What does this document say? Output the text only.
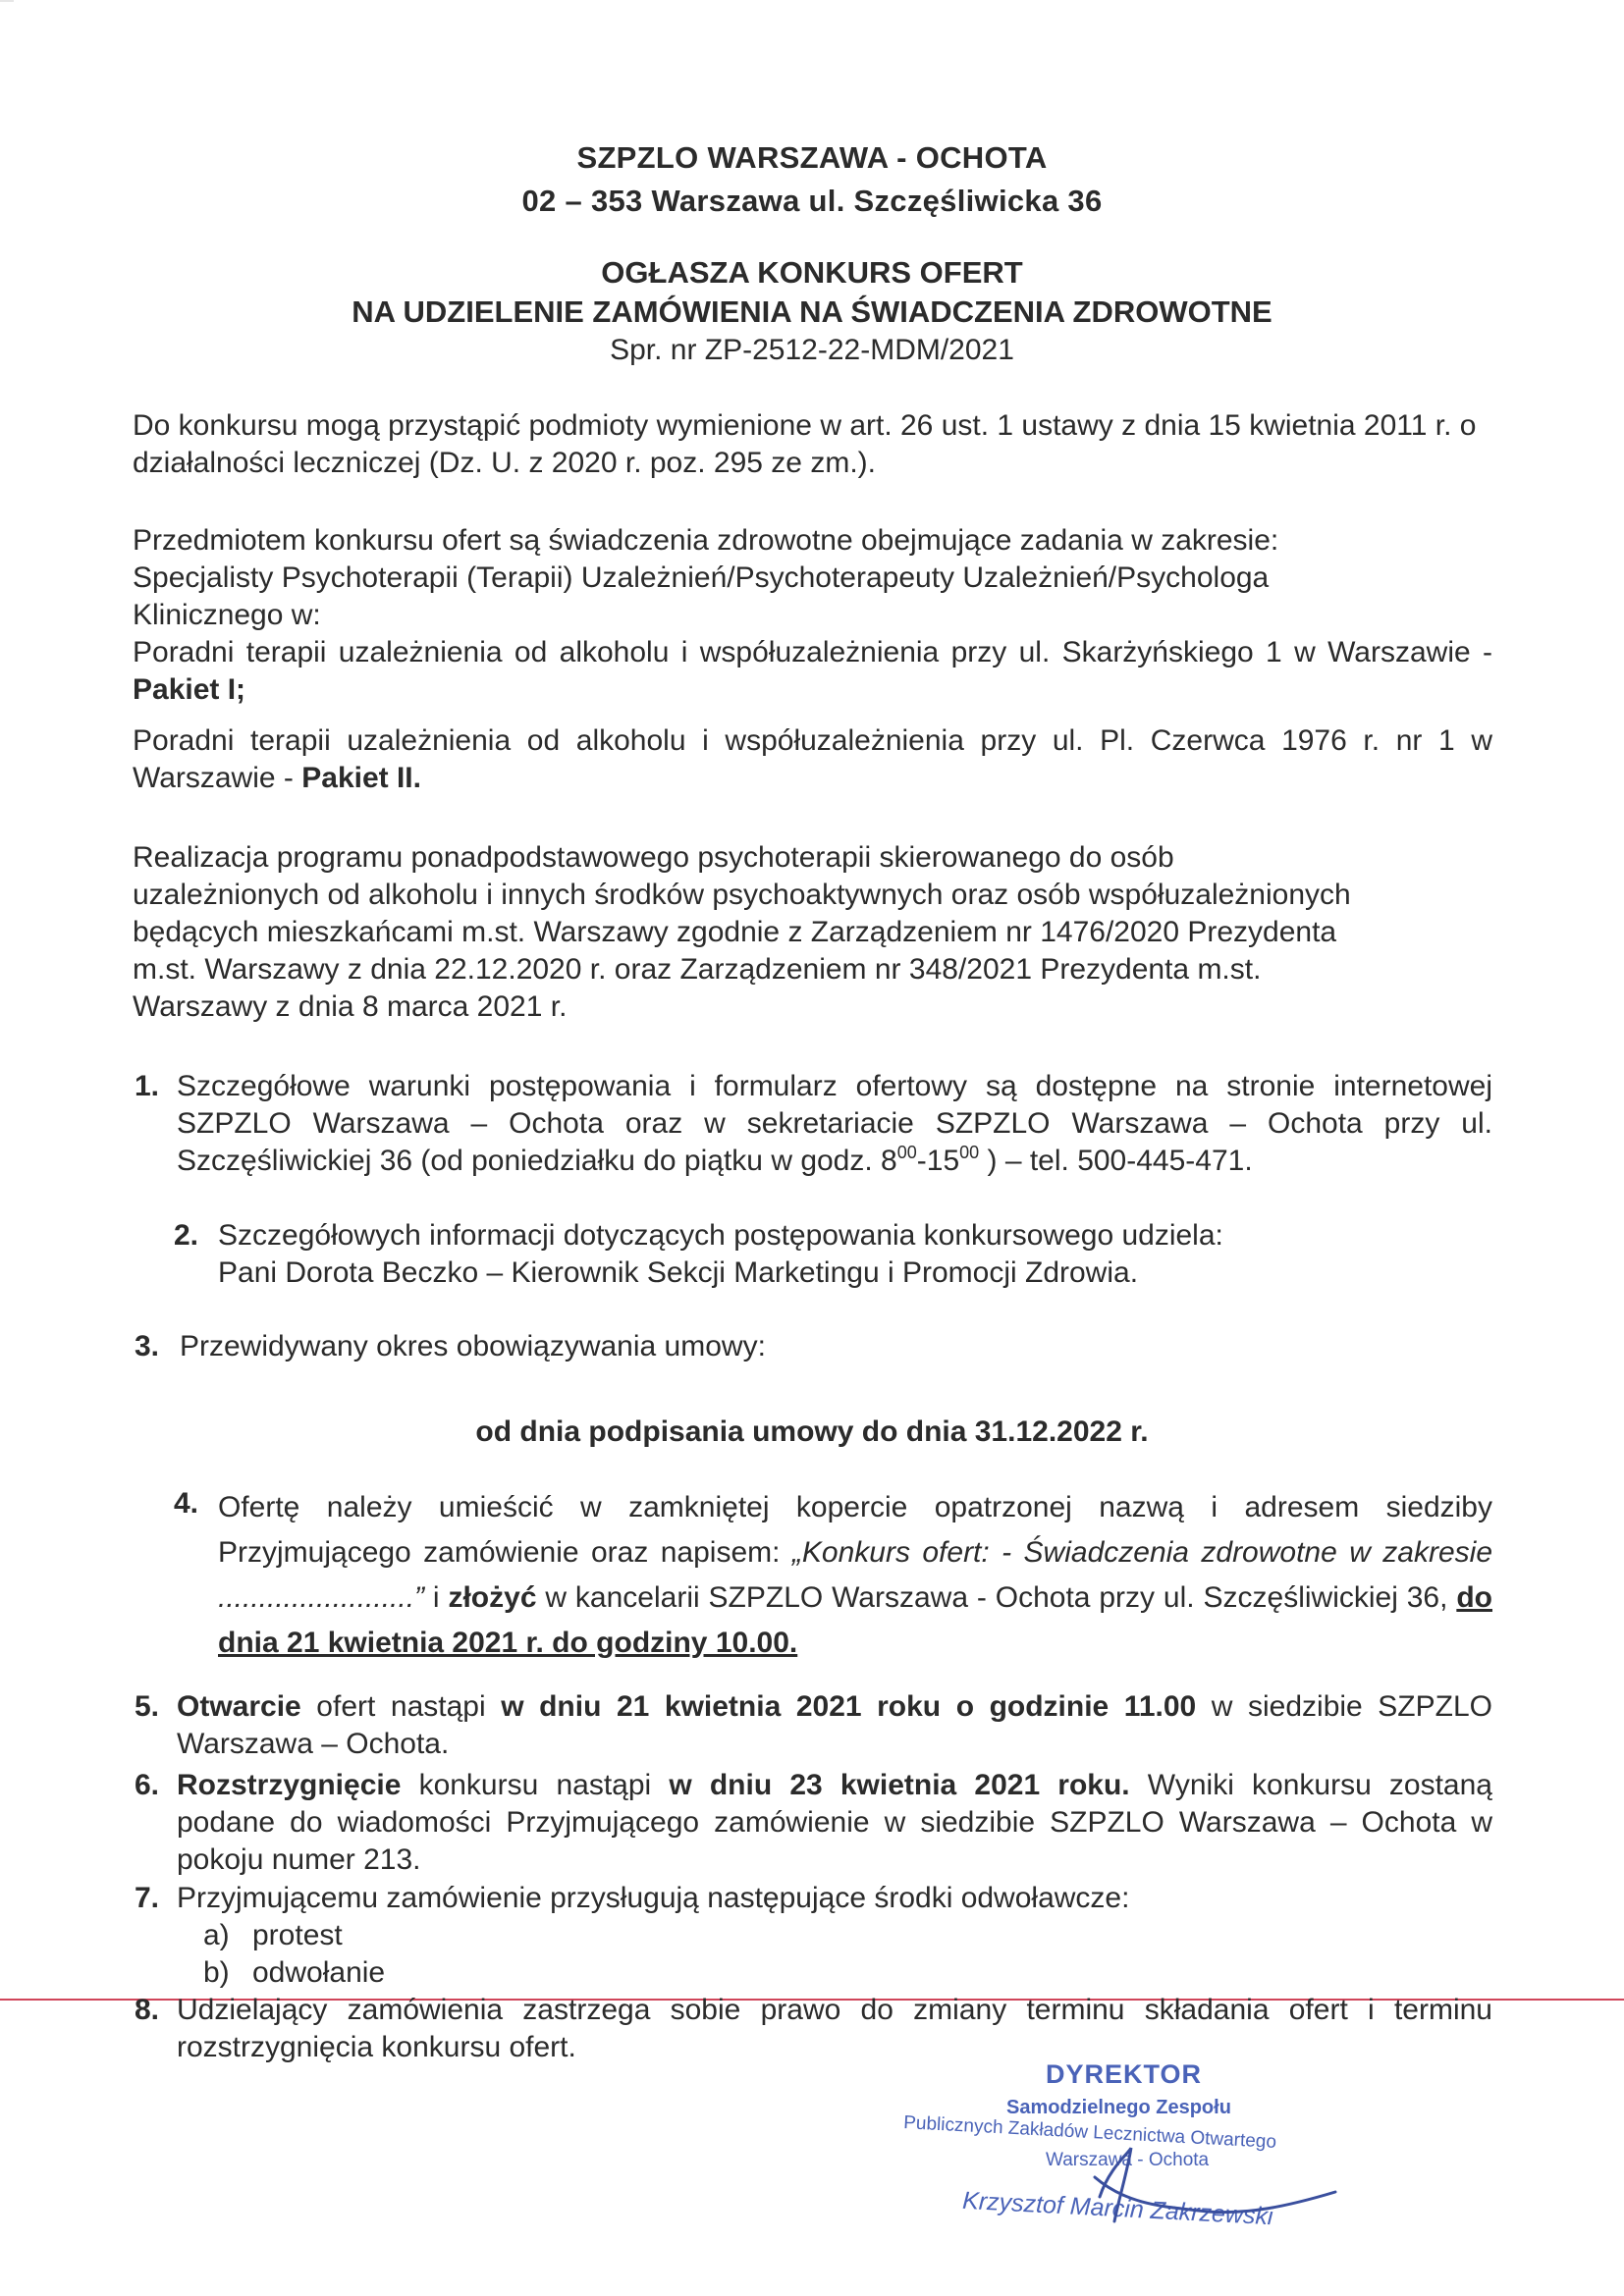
SZPZLO WARSZAWA - OCHOTA
02 – 353 Warszawa ul. Szczęśliwicka 36
OGŁASZA KONKURS OFERT
NA UDZIELENIE ZAMÓWIENIA NA ŚWIADCZENIA ZDROWOTNE
Spr. nr ZP-2512-22-MDM/2021
Do konkursu mogą przystąpić podmioty wymienione w art. 26 ust. 1 ustawy z dnia 15 kwietnia 2011 r. o działalności leczniczej (Dz. U. z 2020 r. poz. 295 ze zm.).
Przedmiotem konkursu ofert są świadczenia zdrowotne obejmujące zadania w zakresie:
Specjalisty Psychoterapii (Terapii) Uzależnień/Psychoterapeuty Uzależnień/Psychologa
Klinicznego w:
Poradni terapii uzależnienia od alkoholu i współuzależnienia przy ul. Skarżyńskiego 1 w Warszawie - Pakiet I;
Poradni terapii uzależnienia od alkoholu i współuzależnienia przy ul. Pl. Czerwca 1976 r. nr 1 w Warszawie - Pakiet II.
Realizacja programu ponadpodstawowego psychoterapii skierowanego do osób
uzależnionych od alkoholu i innych środków psychoaktywnych oraz osób współuzależnionych
będących mieszkańcami m.st. Warszawy zgodnie z Zarządzeniem nr 1476/2020 Prezydenta
m.st. Warszawy z dnia 22.12.2020 r. oraz Zarządzeniem nr 348/2021 Prezydenta m.st.
Warszawy z dnia 8 marca 2021 r.
1. Szczegółowe warunki postępowania i formularz ofertowy są dostępne na stronie internetowej SZPZLO Warszawa – Ochota oraz w sekretariacie SZPZLO Warszawa – Ochota przy ul. Szczęśliwickiej 36 (od poniedziałku do piątku w godz. $8^{00}-15^{00}$ ) – tel. 500-445-471.
2. Szczegółowych informacji dotyczących postępowania konkursowego udziela:
Pani Dorota Beczko – Kierownik Sekcji Marketingu i Promocji Zdrowia.
3. Przewidywany okres obowiązywania umowy:
od dnia podpisania umowy do dnia 31.12.2022 r.
4. Ofertę należy umieścić w zamkniętej kopercie opatrzonej nazwą i adresem siedziby Przyjmującego zamówienie oraz napisem: „Konkurs ofert: - Świadczenia zdrowotne w zakresie ........................” i złożyć w kancelarii SZPZLO Warszawa - Ochota przy ul. Szczęśliwickiej 36, do dnia 21 kwietnia 2021 r. do godziny 10.00.
5. Otwarcie ofert nastąpi w dniu 21 kwietnia 2021 roku o godzinie 11.00 w siedzibie SZPZLO Warszawa – Ochota.
6. Rozstrzygnięcie konkursu nastąpi w dniu 23 kwietnia 2021 roku. Wyniki konkursu zostaną podane do wiadomości Przyjmującego zamówienie w siedzibie SZPZLO Warszawa – Ochota w pokoju numer 213.
7. Przyjmującemu zamówienie przysługują następujące środki odwoławcze:
a) protest
b) odwołanie
8. Udzielający zamówienia zastrzega sobie prawo do zmiany terminu składania ofert i terminu rozstrzygnięcia konkursu ofert.
DYREKTOR
Samodzielnego Zespołu
Publicznych Zakładów Lecznictwa Otwartego
Warszawa - Ochota
Krzysztof Marcin Zakrzewski
